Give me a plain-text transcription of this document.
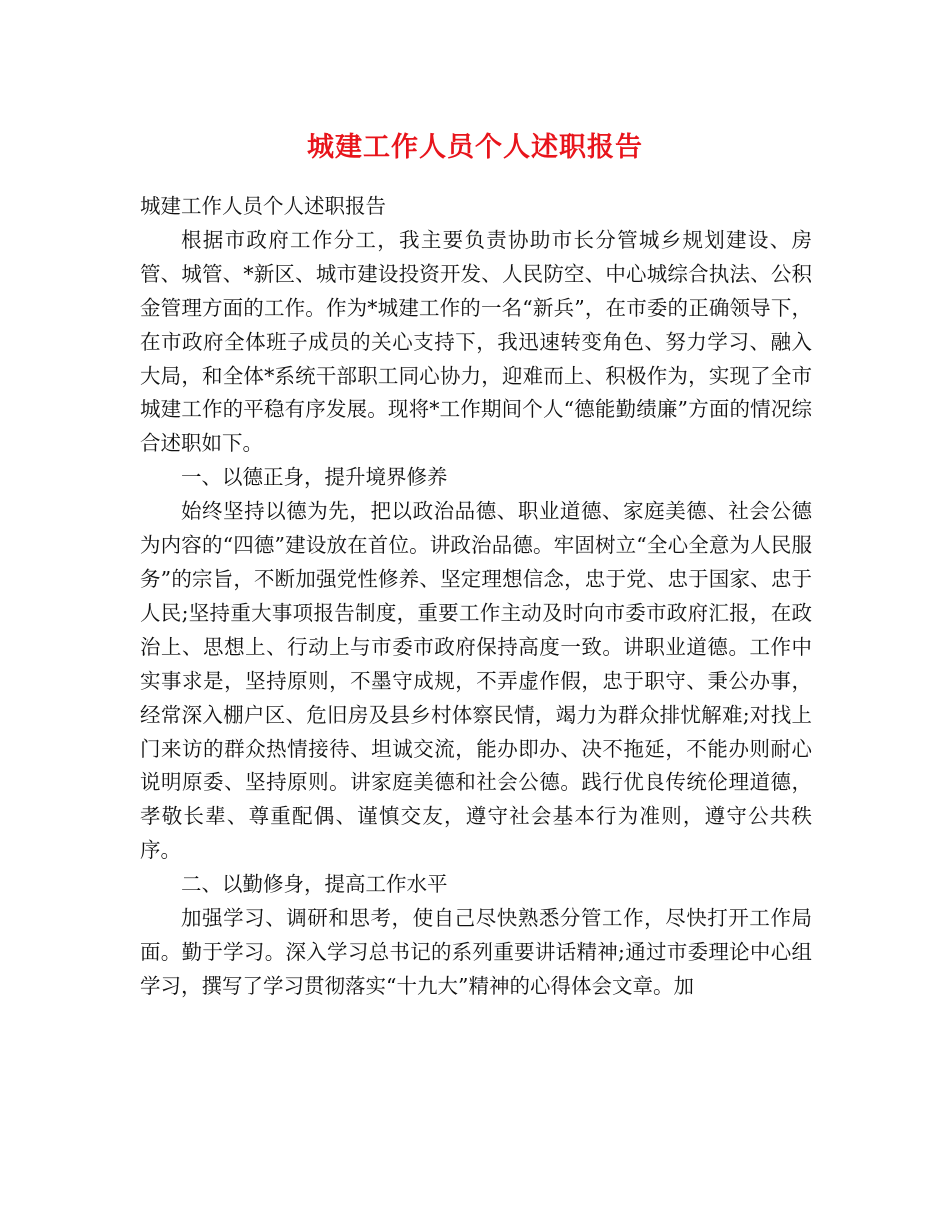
城建工作人员个人述职报告

城建工作人员个人述职报告

根据市政府工作分工，我主要负责协助市长分管城乡规划建设、房管、城管、*新区、城市建设投资开发、人民防空、中心城综合执法、公积金管理方面的工作。作为*城建工作的一名“新兵”，在市委的正确领导下，在市政府全体班子成员的关心支持下，我迅速转变角色、努力学习、融入大局，和全体*系统干部职工同心协力，迎难而上、积极作为，实现了全市城建工作的平稳有序发展。现将*工作期间个人“德能勤绩廉”方面的情况综合述职如下。

一、以德正身，提升境界修养

始终坚持以德为先，把以政治品德、职业道德、家庭美德、社会公德为内容的“四德”建设放在首位。讲政治品德。牢固树立“全心全意为人民服务”的宗旨，不断加强党性修养、坚定理想信念，忠于党、忠于国家、忠于人民;坚持重大事项报告制度，重要工作主动及时向市委市政府汇报，在政治上、思想上、行动上与市委市政府保持高度一致。讲职业道德。工作中实事求是，坚持原则，不墨守成规，不弄虚作假，忠于职守、秉公办事，经常深入棚户区、危旧房及县乡村体察民情，竭力为群众排忧解难;对找上门来访的群众热情接待、坦诚交流，能办即办、决不拖延，不能办则耐心说明原委、坚持原则。讲家庭美德和社会公德。践行优良传统伦理道德，孝敬长辈、尊重配偶、谨慎交友，遵守社会基本行为准则，遵守公共秩序。

二、以勤修身，提高工作水平

加强学习、调研和思考，使自己尽快熟悉分管工作，尽快打开工作局面。勤于学习。深入学习总书记的系列重要讲话精神;通过市委理论中心组学习，撰写了学习贯彻落实“十九大”精神的心得体会文章。加
